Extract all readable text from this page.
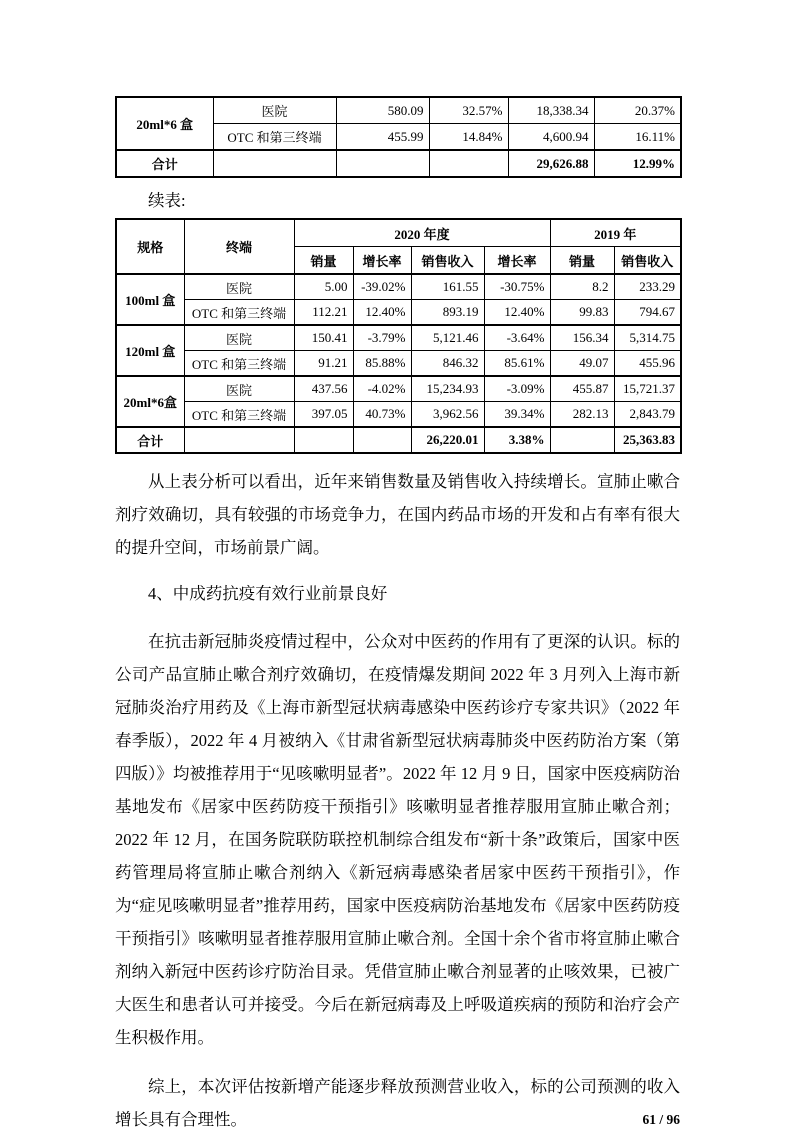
20ml*6 盒	医院	580.09	32.57%	18,338.34	20.37%
	OTC 和第三终端	455.99	14.84%	4,600.94	16.11%
合计				29,626.88	12.99%
续表:
规格	终端	2020 年度				2019 年	
		销量	增长率	销售收入	增长率	销量	销售收入
100ml 盒	医院	5.00	-39.02%	161.55	-30.75%	8.2	233.29
	OTC 和第三终端	112.21	12.40%	893.19	12.40%	99.83	794.67
120ml 盒	医院	150.41	-3.79%	5,121.46	-3.64%	156.34	5,314.75
	OTC 和第三终端	91.21	85.88%	846.32	85.61%	49.07	455.96
20ml*6盒	医院	437.56	-4.02%	15,234.93	-3.09%	455.87	15,721.37
	OTC 和第三终端	397.05	40.73%	3,962.56	39.34%	282.13	2,843.79
合计				26,220.01	3.38%		25,363.83

从上表分析可以看出，近年来销售数量及销售收入持续增长。宣肺止嗽合剂疗效确切，具有较强的市场竞争力，在国内药品市场的开发和占有率有很大的提升空间，市场前景广阔。

4、中成药抗疫有效行业前景良好

在抗击新冠肺炎疫情过程中，公众对中医药的作用有了更深的认识。标的公司产品宣肺止嗽合剂疗效确切，在疫情爆发期间 2022 年 3 月列入上海市新冠肺炎治疗用药及《上海市新型冠状病毒感染中医药诊疗专家共识》（2022 年春季版），2022 年 4 月被纳入《甘肃省新型冠状病毒肺炎中医药防治方案（第四版）》均被推荐用于“见咳嗽明显者”。2022 年 12 月 9 日，国家中医疫病防治基地发布《居家中医药防疫干预指引》咳嗽明显者推荐服用宣肺止嗽合剂；2022 年 12 月，在国务院联防联控机制综合组发布“新十条”政策后，国家中医药管理局将宣肺止嗽合剂纳入《新冠病毒感染者居家中医药干预指引》，作为“症见咳嗽明显者”推荐用药，国家中医疫病防治基地发布《居家中医药防疫干预指引》咳嗽明显者推荐服用宣肺止嗽合剂。全国十余个省市将宣肺止嗽合剂纳入新冠中医药诊疗防治目录。凭借宣肺止嗽合剂显著的止咳效果，已被广大医生和患者认可并接受。今后在新冠病毒及上呼吸道疾病的预防和治疗会产生积极作用。

综上，本次评估按新增产能逐步释放预测营业收入，标的公司预测的收入增长具有合理性。	61 / 96
